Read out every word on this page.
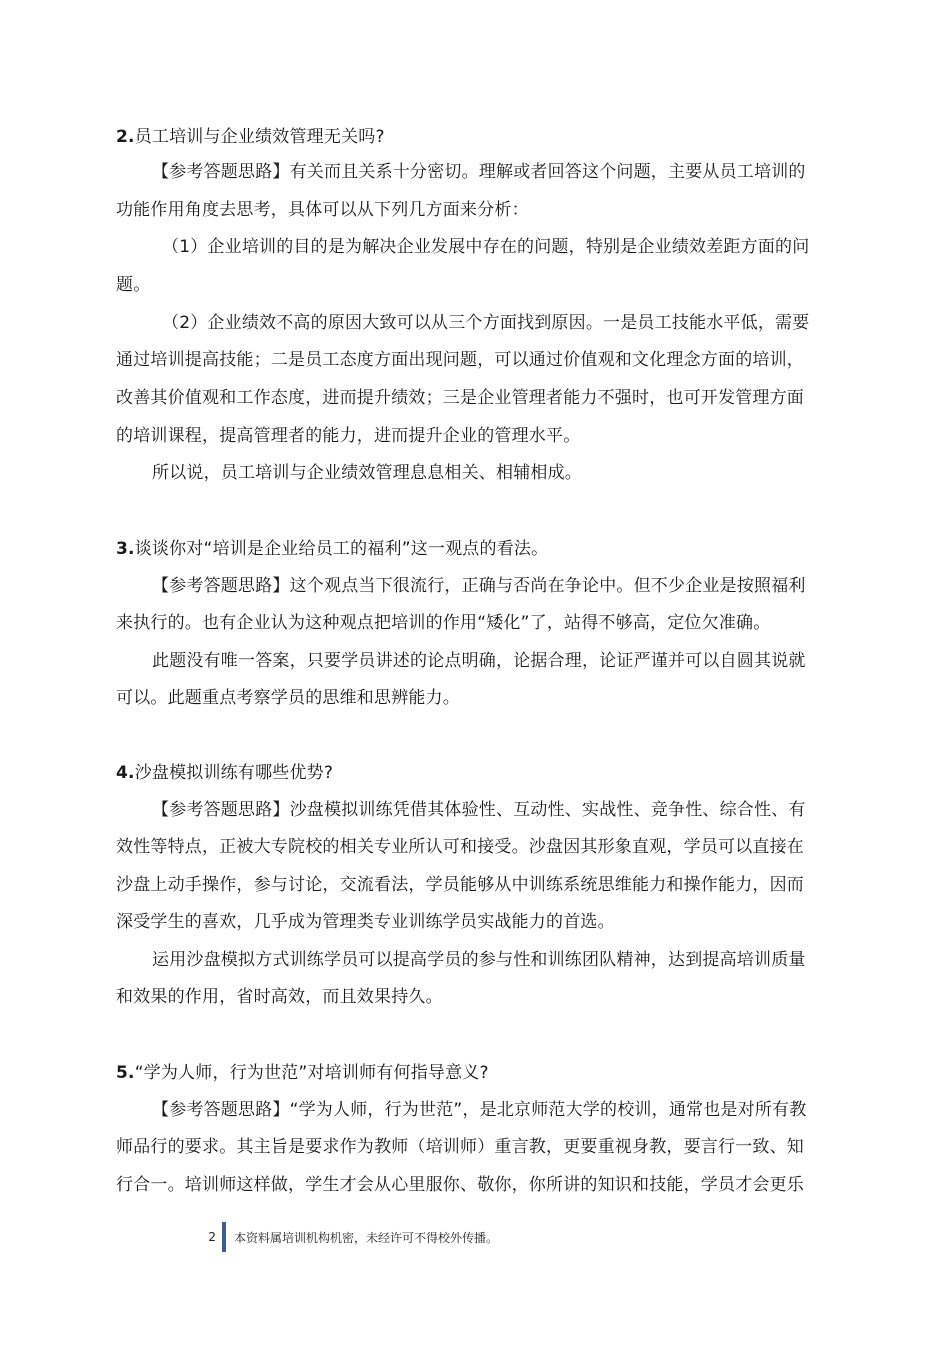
2.员工培训与企业绩效管理无关吗?
【参考答题思路】有关而且关系十分密切。理解或者回答这个问题，主要从员工培训的
功能作用角度去思考，具体可以从下列几方面来分析：
（1）企业培训的目的是为解决企业发展中存在的问题，特别是企业绩效差距方面的问
题。
（2）企业绩效不高的原因大致可以从三个方面找到原因。一是员工技能水平低，需要
通过培训提高技能；二是员工态度方面出现问题，可以通过价值观和文化理念方面的培训，
改善其价值观和工作态度，进而提升绩效；三是企业管理者能力不强时，也可开发管理方面
的培训课程，提高管理者的能力，进而提升企业的管理水平。
所以说，员工培训与企业绩效管理息息相关、相辅相成。
3.谈谈你对“培训是企业给员工的福利”这一观点的看法。
【参考答题思路】这个观点当下很流行，正确与否尚在争论中。但不少企业是按照福利
来执行的。也有企业认为这种观点把培训的作用“矮化”了，站得不够高，定位欠准确。
此题没有唯一答案，只要学员讲述的论点明确，论据合理，论证严谨并可以自圆其说就
可以。此题重点考察学员的思维和思辨能力。
4.沙盘模拟训练有哪些优势?
【参考答题思路】沙盘模拟训练凭借其体验性、互动性、实战性、竞争性、综合性、有
效性等特点，正被大专院校的相关专业所认可和接受。沙盘因其形象直观，学员可以直接在
沙盘上动手操作，参与讨论，交流看法，学员能够从中训练系统思维能力和操作能力，因而
深受学生的喜欢，几乎成为管理类专业训练学员实战能力的首选。
运用沙盘模拟方式训练学员可以提高学员的参与性和训练团队精神，达到提高培训质量
和效果的作用，省时高效，而且效果持久。
5.“学为人师，行为世范”对培训师有何指导意义?
【参考答题思路】“学为人师，行为世范”，是北京师范大学的校训，通常也是对所有教
师品行的要求。其主旨是要求作为教师（培训师）重言教，更要重视身教，要言行一致、知
行合一。培训师这样做，学生才会从心里服你、敬你，你所讲的知识和技能，学员才会更乐
2 本资料属培训机构机密，未经许可不得校外传播。
